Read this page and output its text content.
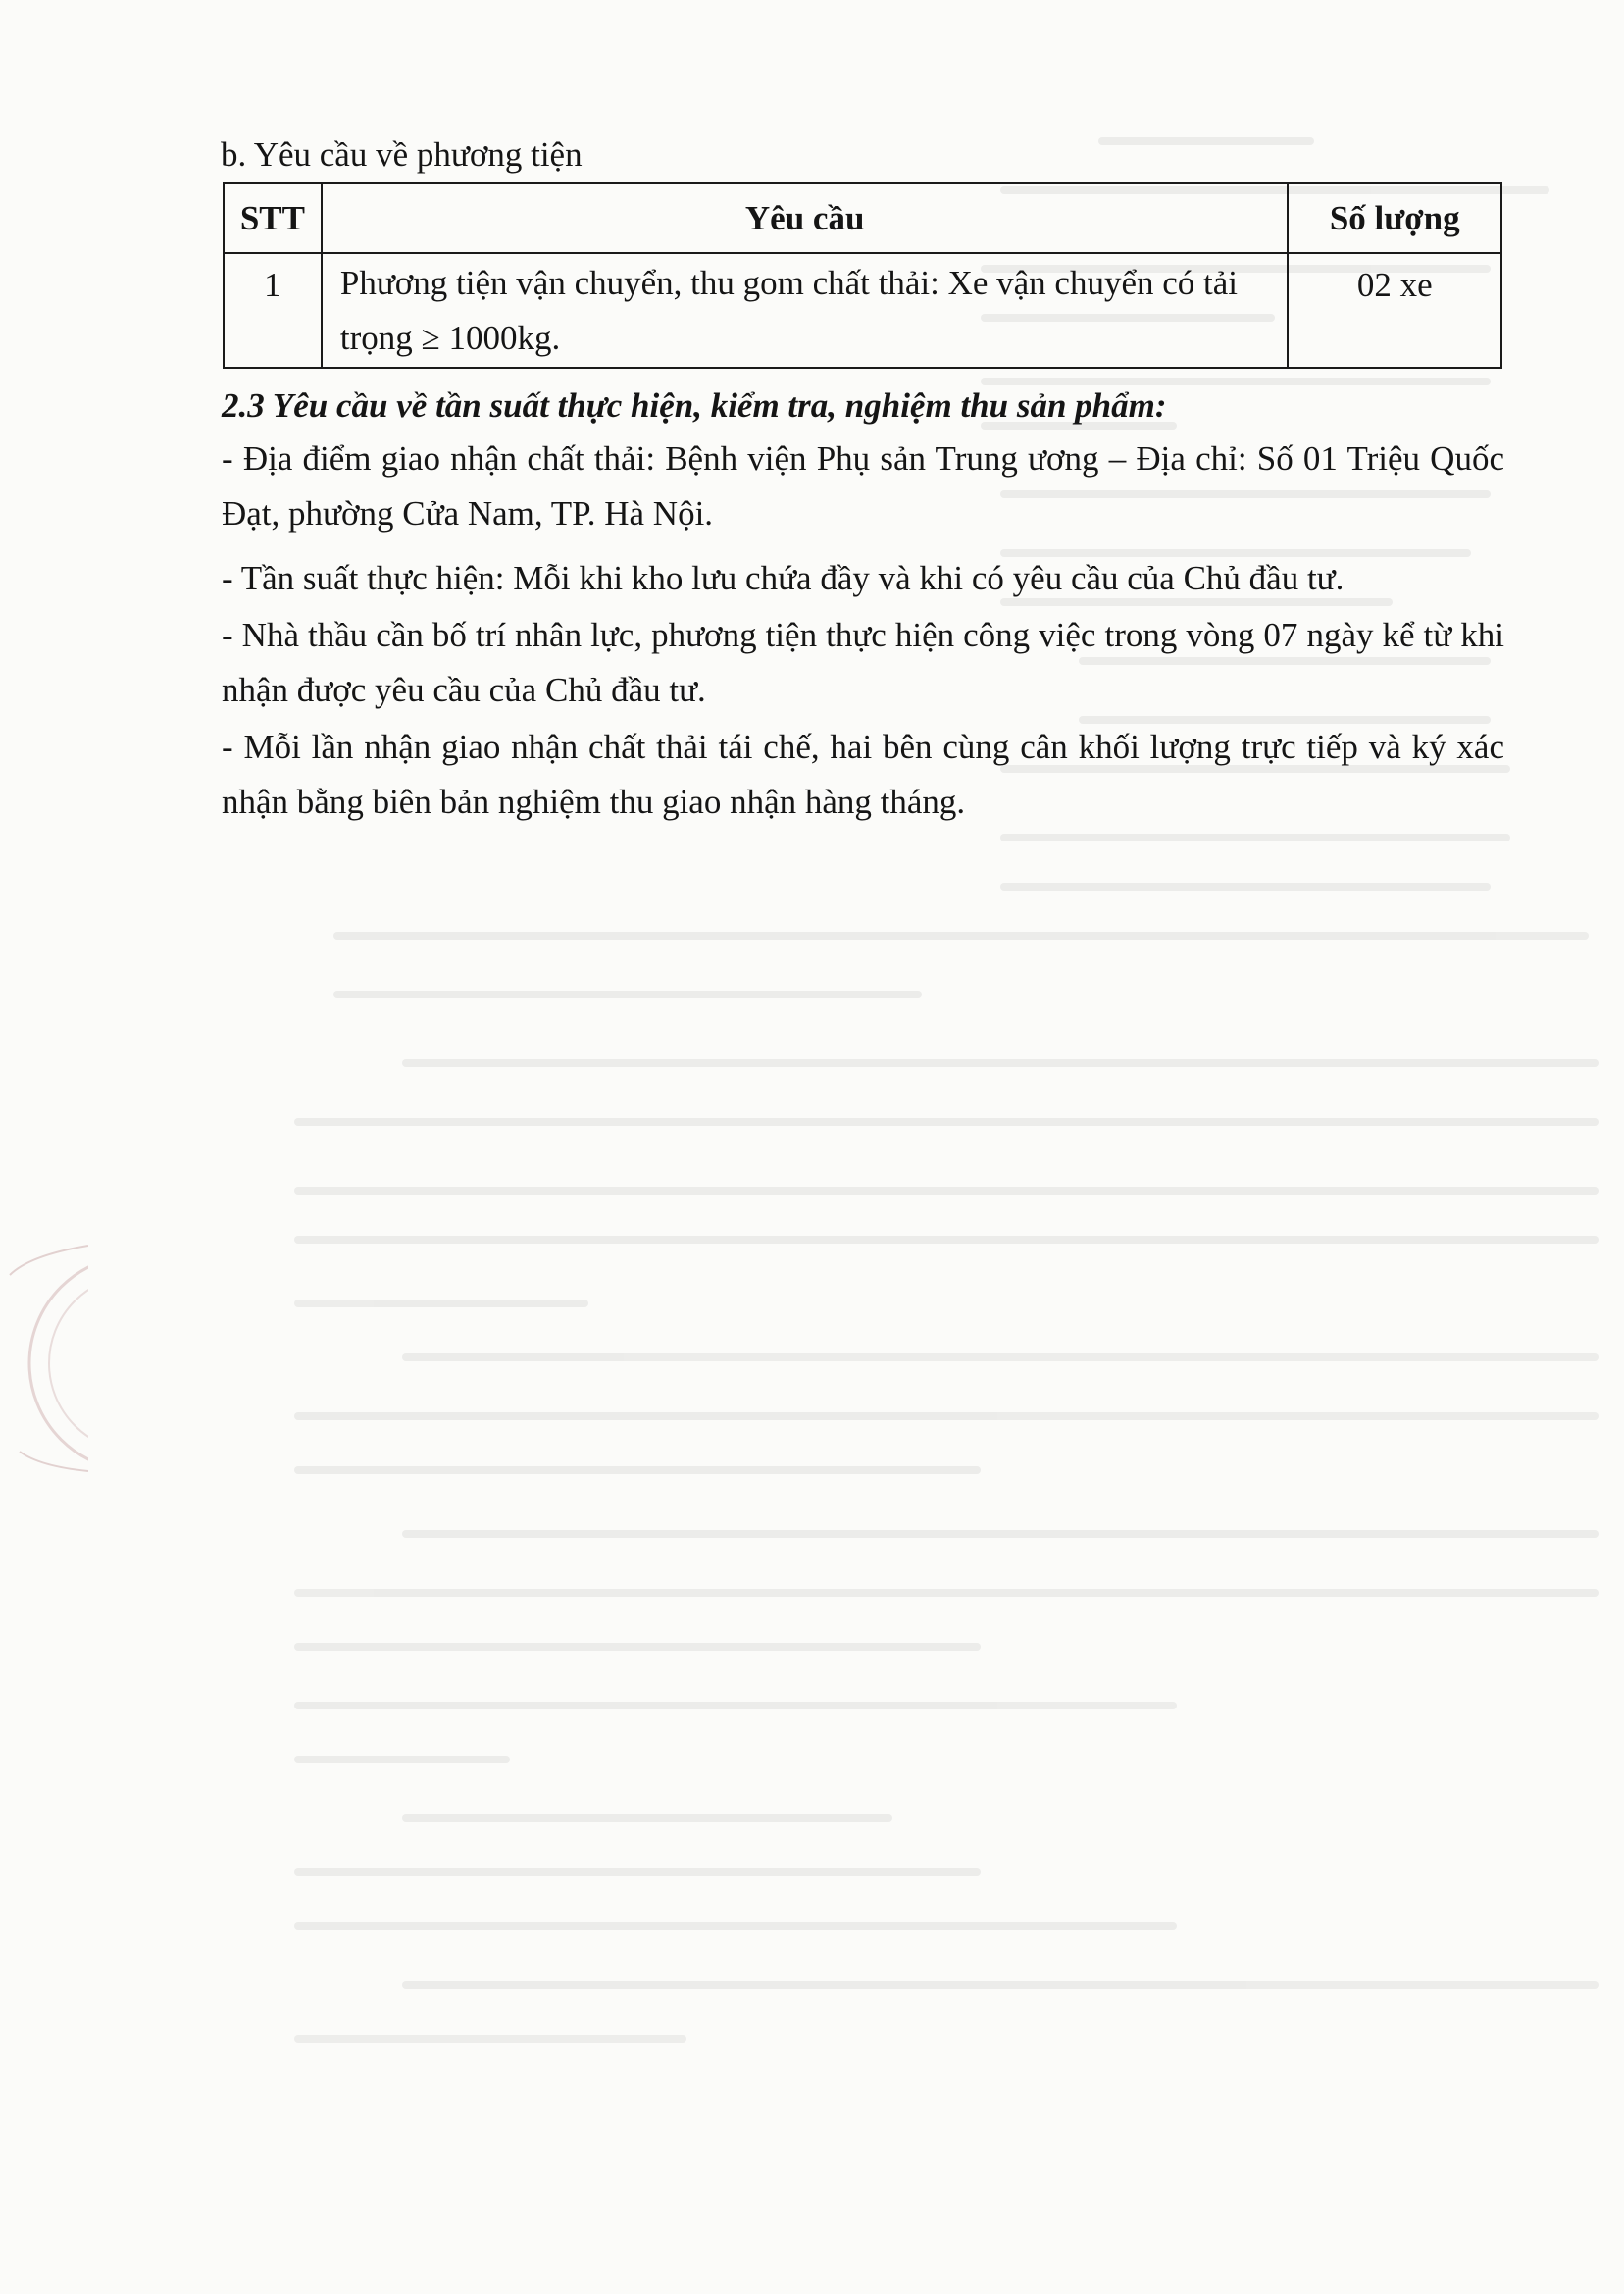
b. Yêu cầu về phương tiện
STT	Yêu cầu	Số lượng
1	Phương tiện vận chuyển, thu gom chất thải: Xe vận chuyển có tải trọng ≥ 1000kg.	02 xe
2.3 Yêu cầu về tần suất thực hiện, kiểm tra, nghiệm thu sản phẩm:
- Địa điểm giao nhận chất thải: Bệnh viện Phụ sản Trung ương – Địa chỉ: Số 01 Triệu Quốc Đạt, phường Cửa Nam, TP. Hà Nội.
- Tần suất thực hiện: Mỗi khi kho lưu chứa đầy và khi có yêu cầu của Chủ đầu tư.
- Nhà thầu cần bố trí nhân lực, phương tiện thực hiện công việc trong vòng 07 ngày kể từ khi nhận được yêu cầu của Chủ đầu tư.
- Mỗi lần nhận giao nhận chất thải tái chế, hai bên cùng cân khối lượng trực tiếp và ký xác nhận bằng biên bản nghiệm thu giao nhận hàng tháng.
